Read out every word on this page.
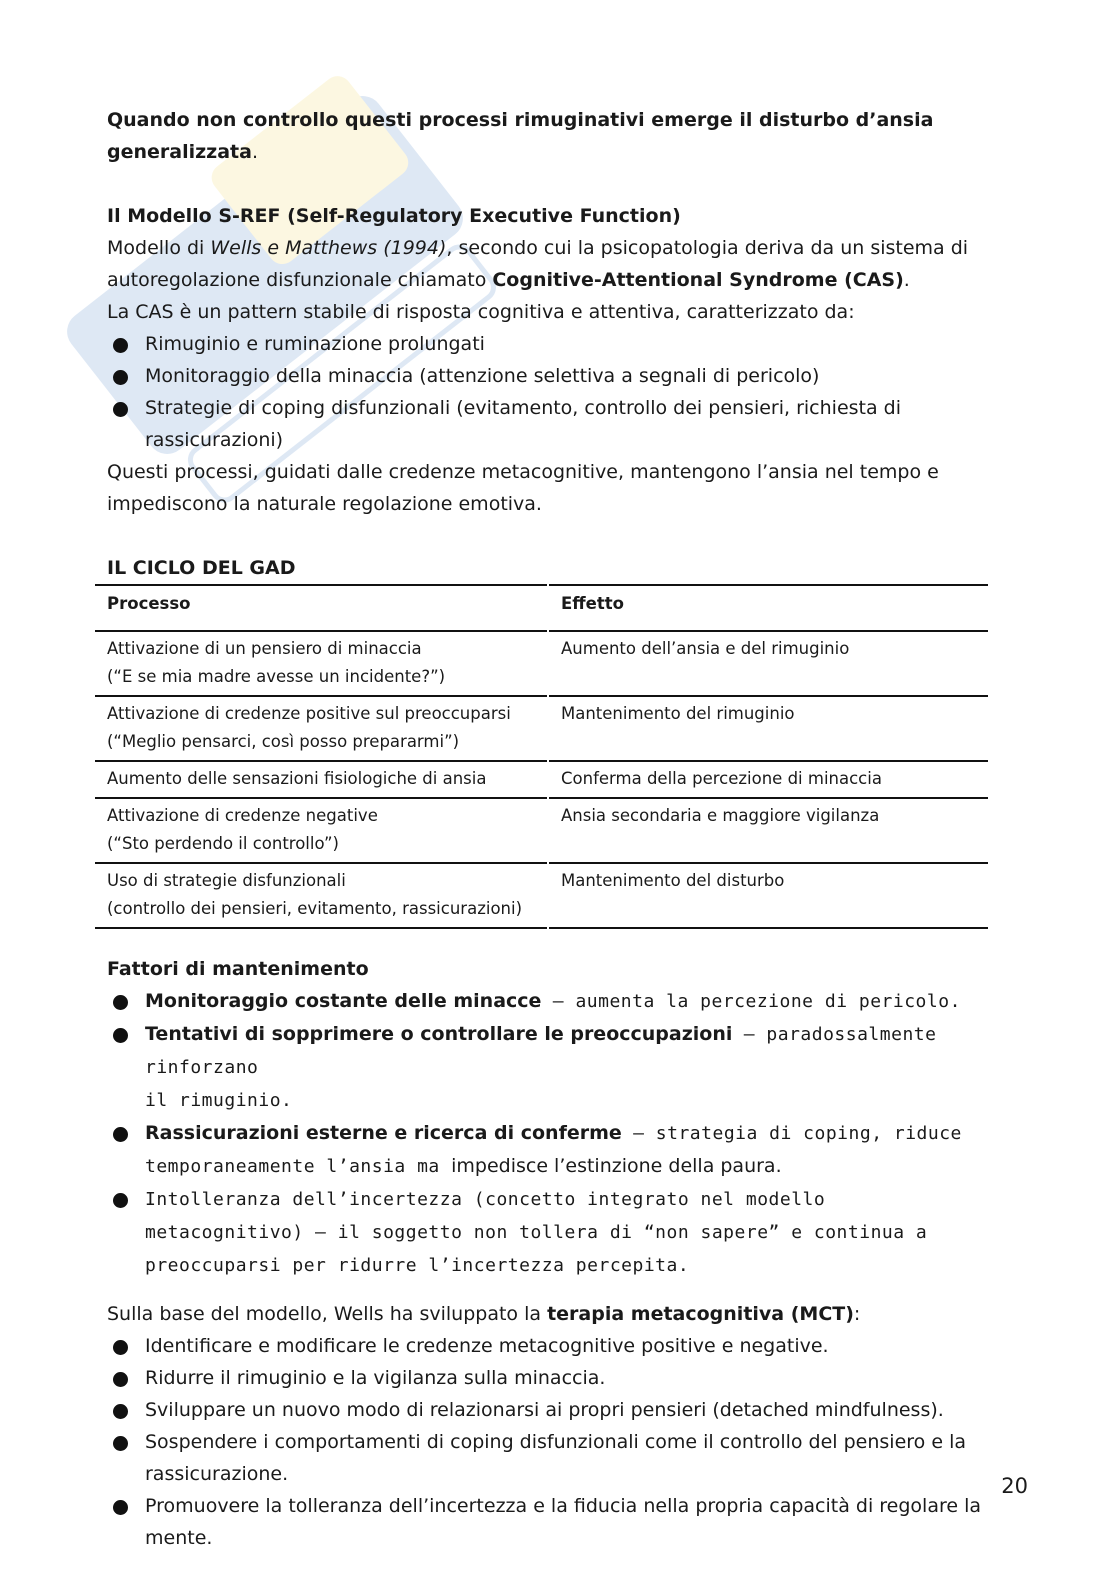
Quando non controllo questi processi rimuginativi emerge il disturbo d’ansia generalizzata.

Il Modello S-REF (Self-Regulatory Executive Function)

Modello di Wells e Matthews (1994), secondo cui la psicopatologia deriva da un sistema di
autoregolazione disfunzionale chiamato Cognitive-Attentional Syndrome (CAS).

La CAS è un pattern stabile di risposta cognitiva e attentiva, caratterizzato da:

Rimuginio e ruminazione prolungati
Monitoraggio della minaccia (attenzione selettiva a segnali di pericolo)
Strategie di coping disfunzionali (evitamento, controllo dei pensieri, richiesta di rassicurazioni)

Questi processi, guidati dalle credenze metacognitive, mantengono l’ansia nel tempo e
impediscono la naturale regolazione emotiva.

IL CICLO DEL GAD

Processo	Effetto
Attivazione di un pensiero di minaccia
(“E se mia madre avesse un incidente?”)	Aumento dell’ansia e del rimuginio
Attivazione di credenze positive sul preoccuparsi
(“Meglio pensarci, così posso prepararmi”)	Mantenimento del rimuginio
Aumento delle sensazioni fisiologiche di ansia	Conferma della percezione di minaccia
Attivazione di credenze negative
(“Sto perdendo il controllo”)	Ansia secondaria e maggiore vigilanza
Uso di strategie disfunzionali
(controllo dei pensieri, evitamento, rassicurazioni)	Mantenimento del disturbo

Fattori di mantenimento

Monitoraggio costante delle minacce – aumenta la percezione di pericolo.
Tentativi di sopprimere o controllare le preoccupazioni – paradossalmente rinforzano
il rimuginio.
Rassicurazioni esterne e ricerca di conferme – strategia di coping, riduce
temporaneamente l’ansia ma impedisce l’estinzione della paura.
Intolleranza dell’incertezza (concetto integrato nel modello
metacognitivo) – il soggetto non tollera di “non sapere” e continua a
preoccuparsi per ridurre l’incertezza percepita.

Sulla base del modello, Wells ha sviluppato la terapia metacognitiva (MCT):

Identificare e modificare le credenze metacognitive positive e negative.
Ridurre il rimuginio e la vigilanza sulla minaccia.
Sviluppare un nuovo modo di relazionarsi ai propri pensieri (detached mindfulness).
Sospendere i comportamenti di coping disfunzionali come il controllo del pensiero e la
rassicurazione.
Promuovere la tolleranza dell’incertezza e la fiducia nella propria capacità di regolare la
mente.
20
